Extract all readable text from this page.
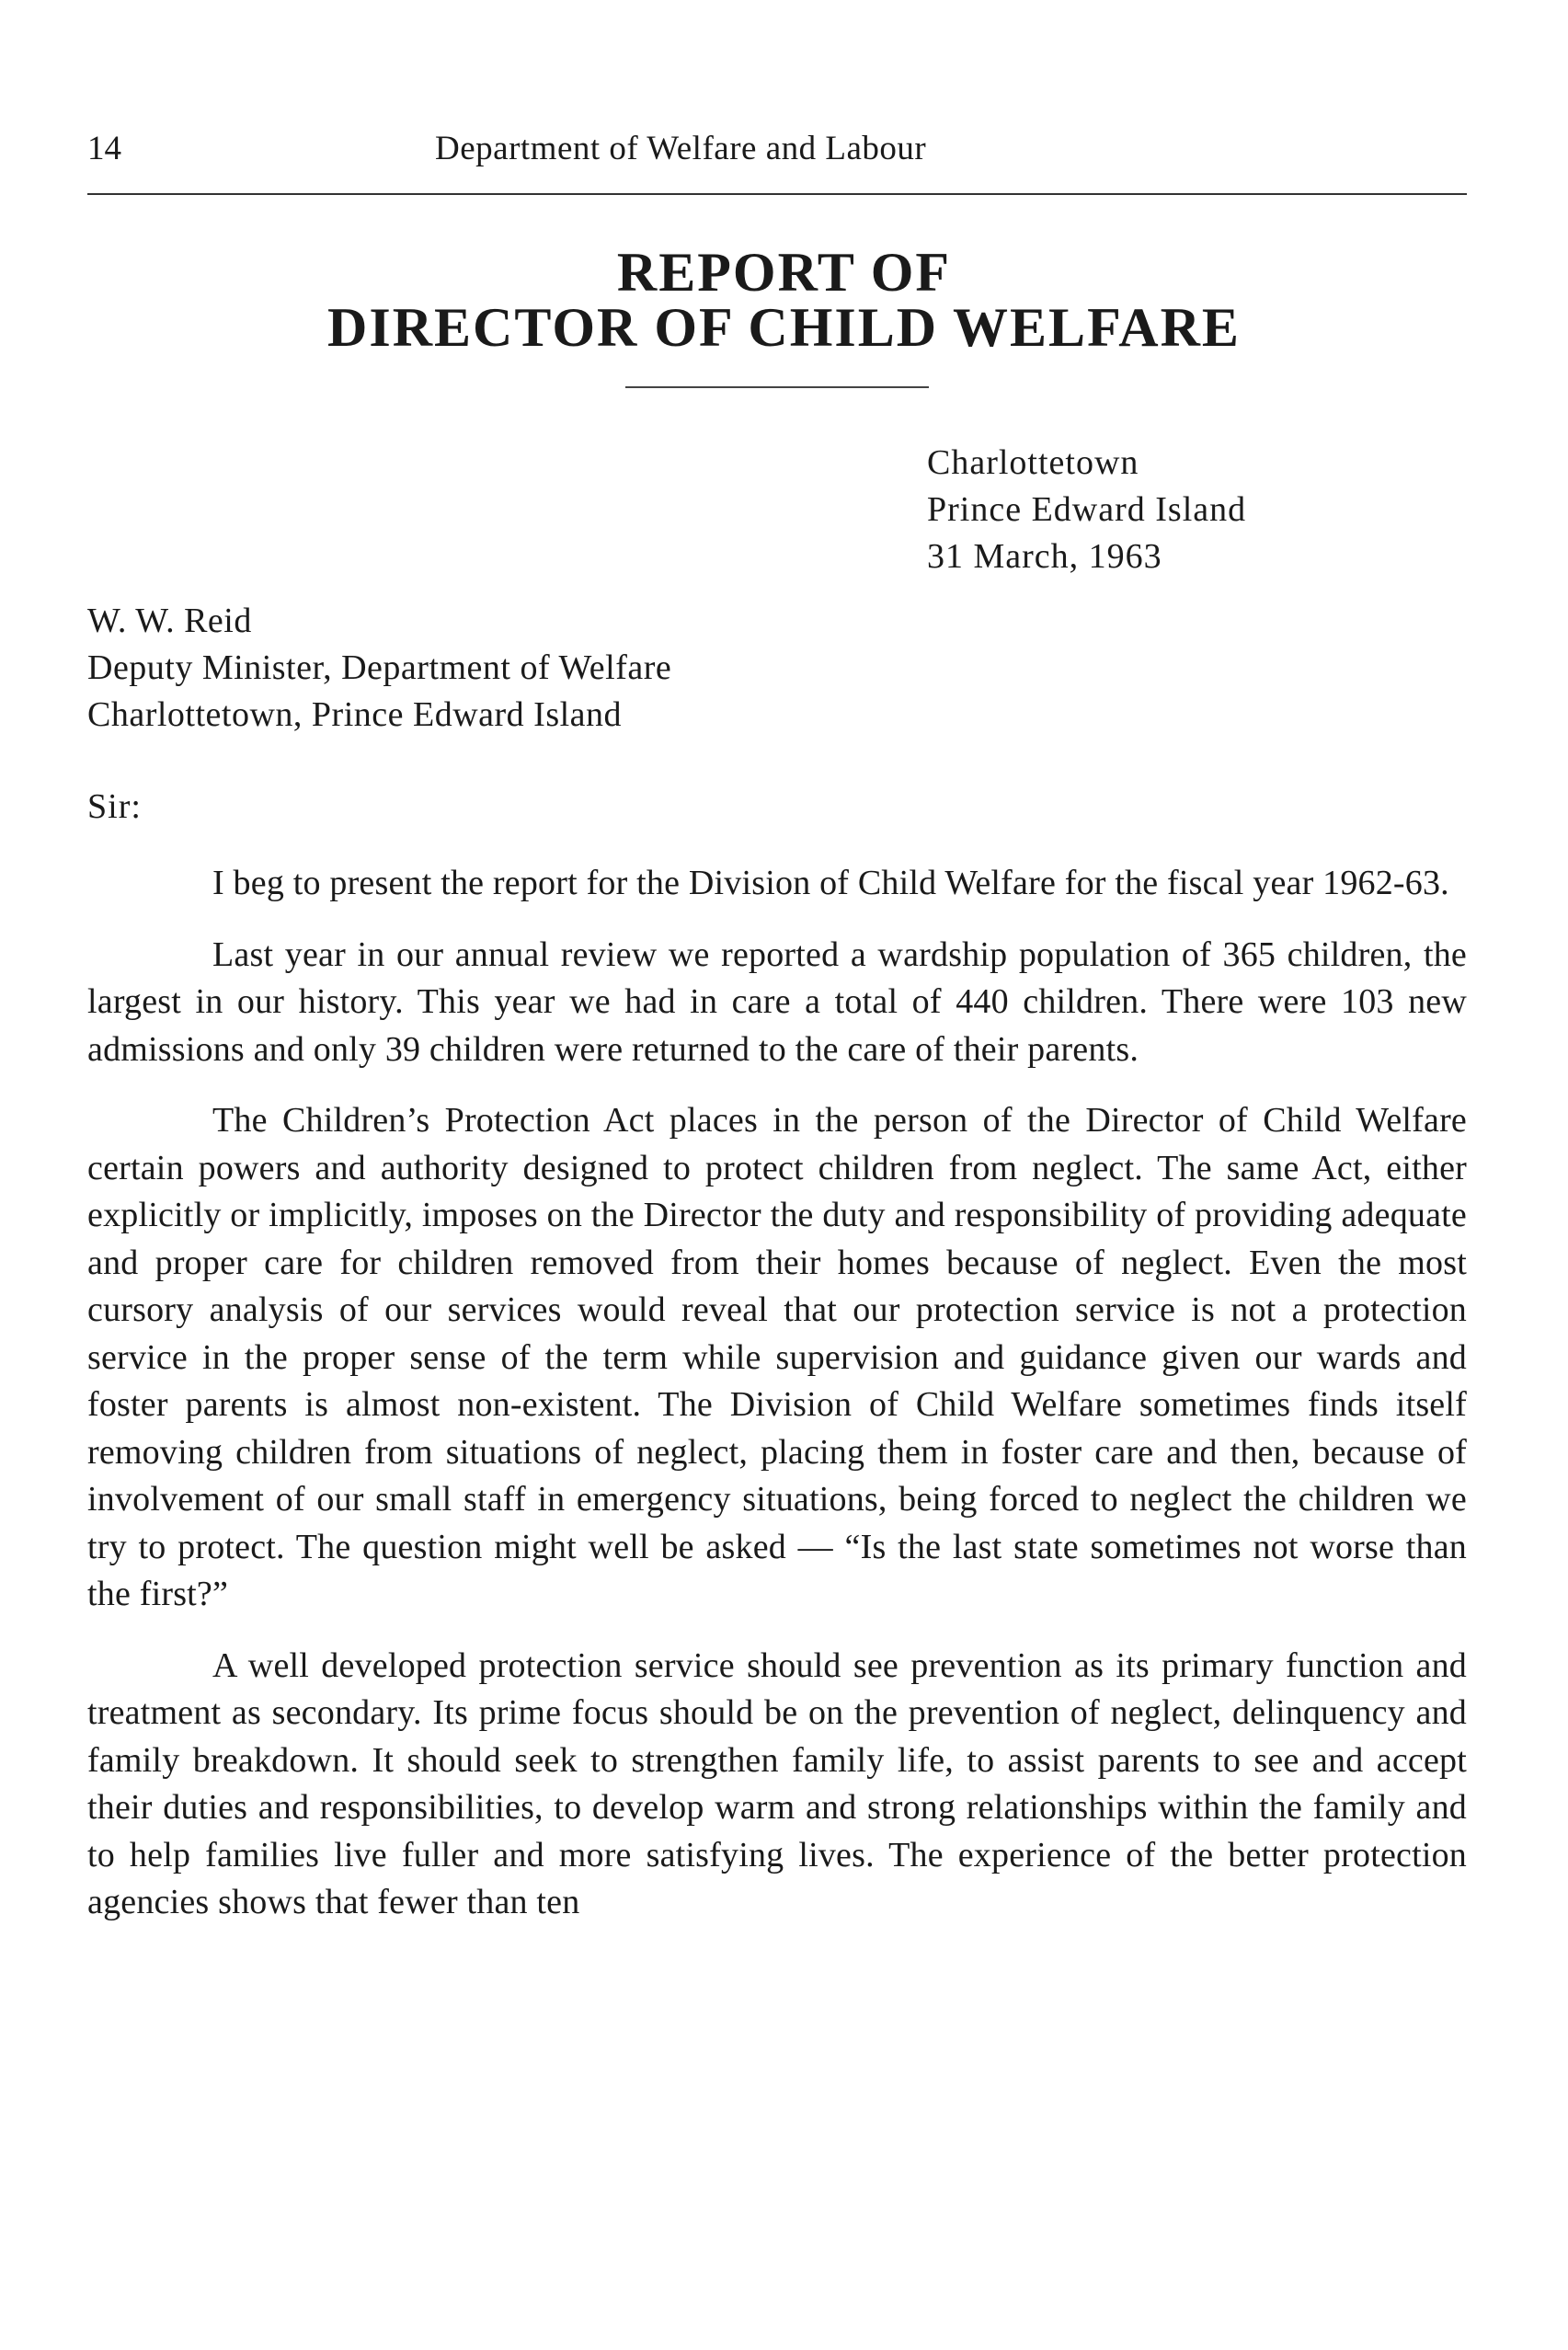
14	Department of Welfare and Labour
REPORT OF
DIRECTOR OF CHILD WELFARE
Charlottetown
Prince Edward Island
31 March, 1963
W. W. Reid
Deputy Minister, Department of Welfare
Charlottetown, Prince Edward Island
Sir:

I beg to present the report for the Division of Child Welfare for the fiscal year 1962-63.

Last year in our annual review we reported a wardship population of 365 children, the largest in our history. This year we had in care a total of 440 children. There were 103 new admissions and only 39 children were returned to the care of their parents.

The Children’s Protection Act places in the person of the Director of Child Welfare certain powers and authority designed to protect children from neglect. The same Act, either explicitly or implicitly, imposes on the Director the duty and responsibility of providing adequate and proper care for children removed from their homes because of neglect. Even the most cursory analysis of our services would reveal that our protection service is not a protection service in the proper sense of the term while supervision and guidance given our wards and foster parents is almost non-existent. The Division of Child Welfare sometimes finds itself removing children from situations of neglect, placing them in foster care and then, because of involvement of our small staff in emergency situations, being forced to neglect the children we try to protect. The question might well be asked — “Is the last state sometimes not worse than the first?”

A well developed protection service should see prevention as its primary function and treatment as secondary. Its prime focus should be on the prevention of neglect, delinquency and family breakdown. It should seek to strengthen family life, to assist parents to see and accept their duties and responsibilities, to develop warm and strong relationships within the family and to help families live fuller and more satisfying lives. The experience of the better protection agencies shows that fewer than ten
